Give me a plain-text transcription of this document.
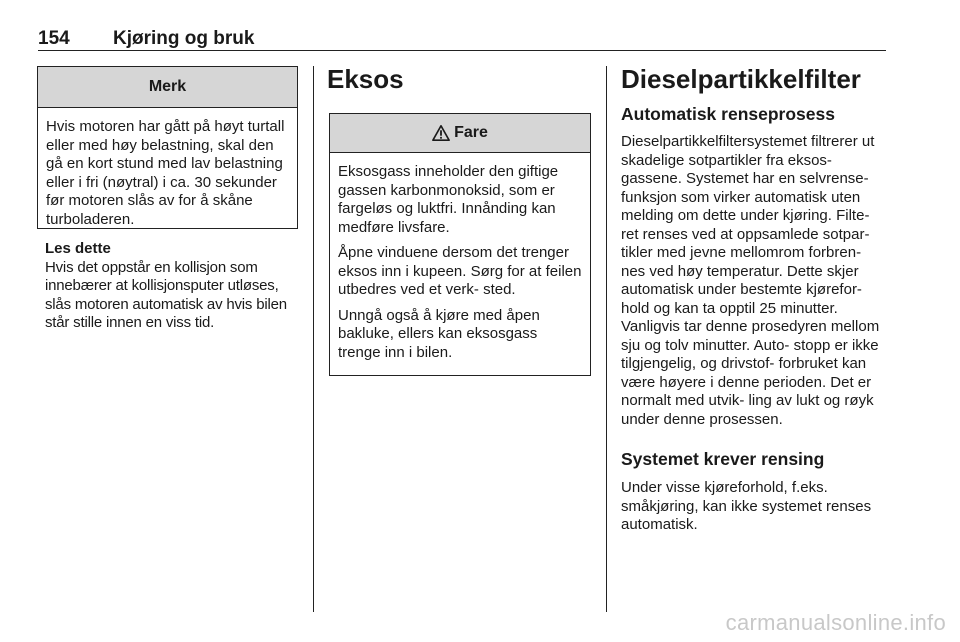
154 Kjøring og bruk
Merk

Hvis motoren har gått på høyt turtall eller med høy belastning, skal den gå en kort stund med lav belastning eller i fri (nøytral) i ca. 30 sekunder før motoren slås av for å skåne turboladeren.

Les dette

Hvis det oppstår en kollisjon som innebærer at kollisjonsputer utløses, slås motoren automatisk av hvis bilen står stille innen en viss tid.

Eksos
Fare

Eksosgass inneholder den giftige gassen karbonmonoksid, som er fargeløs og luktfri. Innånding kan medføre livsfare.

Åpne vinduene dersom det trenger eksos inn i kupeen. Sørg for at feilen utbedres ved et verk- sted.

Unngå også å kjøre med åpen bakluke, ellers kan eksosgass trenge inn i bilen.

Dieselpartikkelfilter
Automatisk renseprosess

Dieselpartikkelfiltersystemet filtrerer ut skadelige sotpartikler fra eksos- gassene. Systemet har en selvrense- funksjon som virker automatisk uten melding om dette under kjøring. Filte- ret renses ved at oppsamlede sotpar- tikler med jevne mellomrom forbren- nes ved høy temperatur. Dette skjer automatisk under bestemte kjørefor- hold og kan ta opptil 25 minutter. Vanligvis tar denne prosedyren mellom sju og tolv minutter. Auto- stopp er ikke tilgjengelig, og drivstof- forbruket kan være høyere i denne perioden. Det er normalt med utvik- ling av lukt og røyk under denne prosessen.

Systemet krever rensing

Under visse kjøreforhold, f.eks. småkjøring, kan ikke systemet renses automatisk.

carmanualsonline.info
